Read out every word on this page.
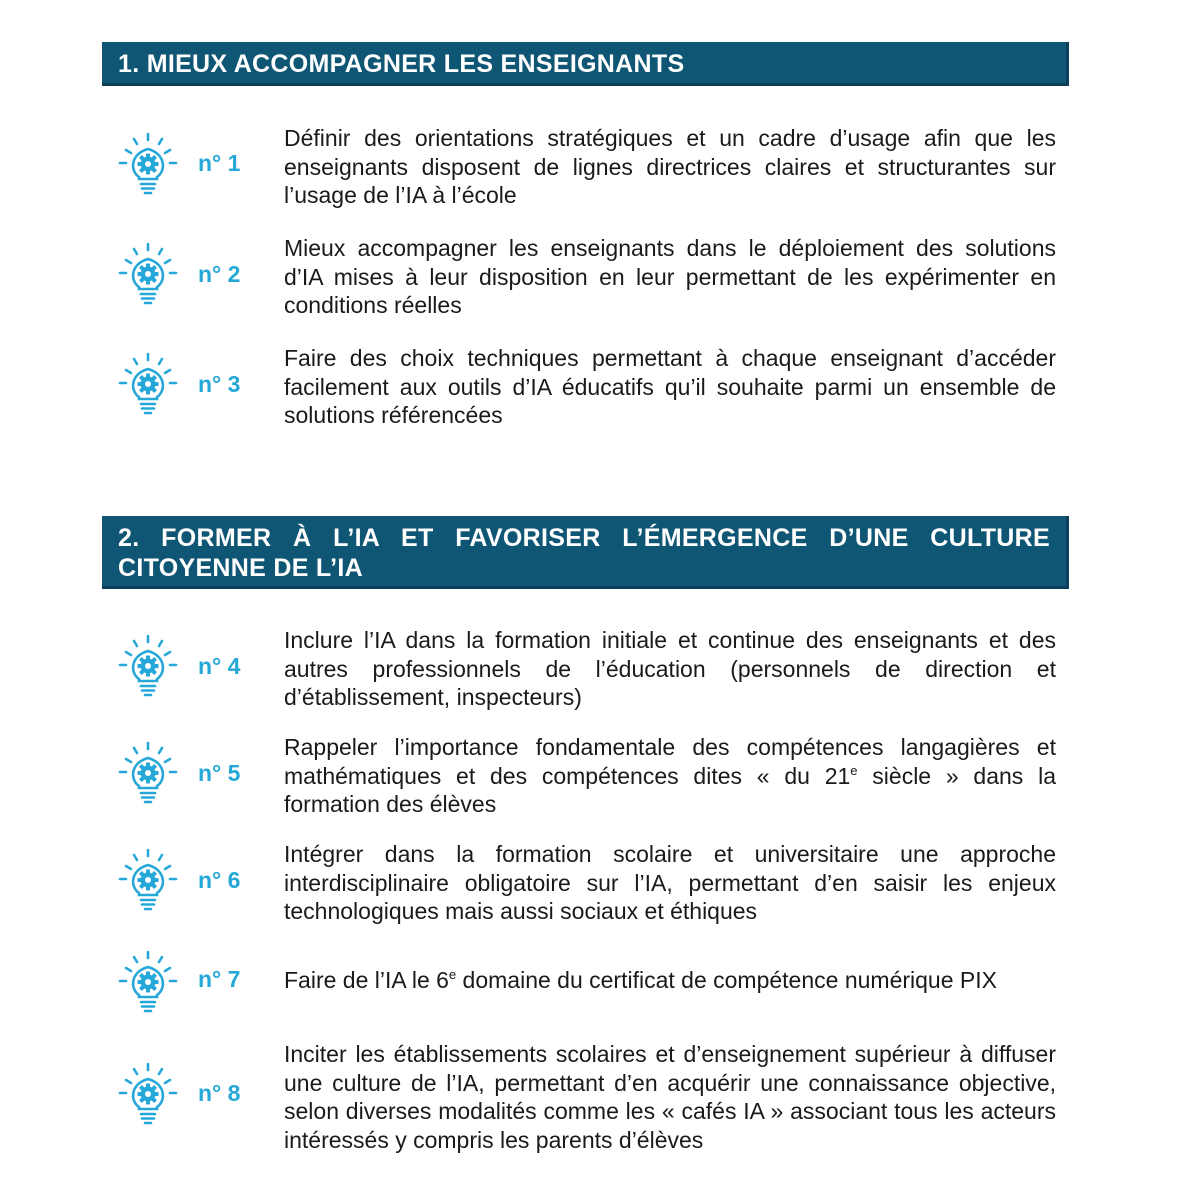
1. MIEUX ACCOMPAGNER LES ENSEIGNANTS
n° 1
Définir des orientations stratégiques et un cadre d’usage afin que les enseignants disposent de lignes directrices claires et structurantes sur l’usage de l’IA à l’école
n° 2
Mieux accompagner les enseignants dans le déploiement des solutions d’IA mises à leur disposition en leur permettant de les expérimenter en conditions réelles
n° 3
Faire des choix techniques permettant à chaque enseignant d’accéder facilement aux outils d’IA éducatifs qu’il souhaite parmi un ensemble de solutions référencées
2. FORMER À L’IA ET FAVORISER L’ÉMERGENCE D’UNE CULTURE CITOYENNE DE L’IA
n° 4
Inclure l’IA dans la formation initiale et continue des enseignants et des autres professionnels de l’éducation (personnels de direction et d’établissement, inspecteurs)
n° 5
Rappeler l’importance fondamentale des compétences langagières et mathématiques et des compétences dites « du 21e siècle » dans la formation des élèves
n° 6
Intégrer dans la formation scolaire et universitaire une approche interdisciplinaire obligatoire sur l’IA, permettant d’en saisir les enjeux technologiques mais aussi sociaux et éthiques
n° 7	Faire de l’IA le 6e domaine du certificat de compétence numérique PIX
n° 8
Inciter les établissements scolaires et d’enseignement supérieur à diffuser une culture de l’IA, permettant d’en acquérir une connaissance objective, selon diverses modalités comme les « cafés IA » associant tous les acteurs intéressés y compris les parents d’élèves
